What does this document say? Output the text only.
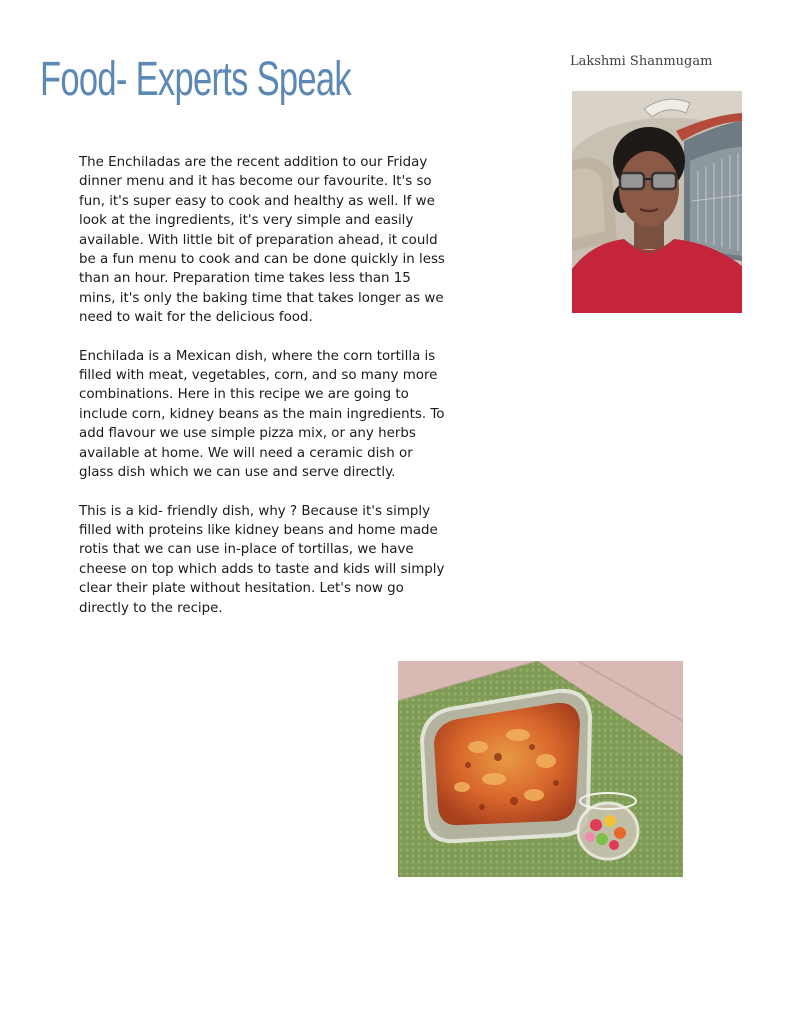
Food- Experts Speak	Lakshmi Shanmugam

The Enchiladas are the recent addition to our Friday dinner menu and it has become our favourite. It's so fun, it's super easy to cook and healthy as well. If we look at the ingredients, it's very simple and easily available. With little bit of preparation ahead, it could be a fun menu to cook and can be done quickly in less than an hour. Preparation time takes less than 15 mins, it's only the baking time that takes longer as we need to wait for the delicious food.

Enchilada is a Mexican dish, where the corn tortilla is filled with meat, vegetables, corn, and so many more combinations. Here in this recipe we are going to include corn, kidney beans as the main ingredients. To add flavour we use simple pizza mix, or any herbs available at home. We will need a ceramic dish or glass dish which we can use and serve directly.

This is a kid- friendly dish, why ? Because it's simply filled with proteins like kidney beans and home made rotis that we can use in-place of tortillas, we have cheese on top which adds to taste and kids will simply clear their plate without hesitation. Let's now go directly to the recipe.
